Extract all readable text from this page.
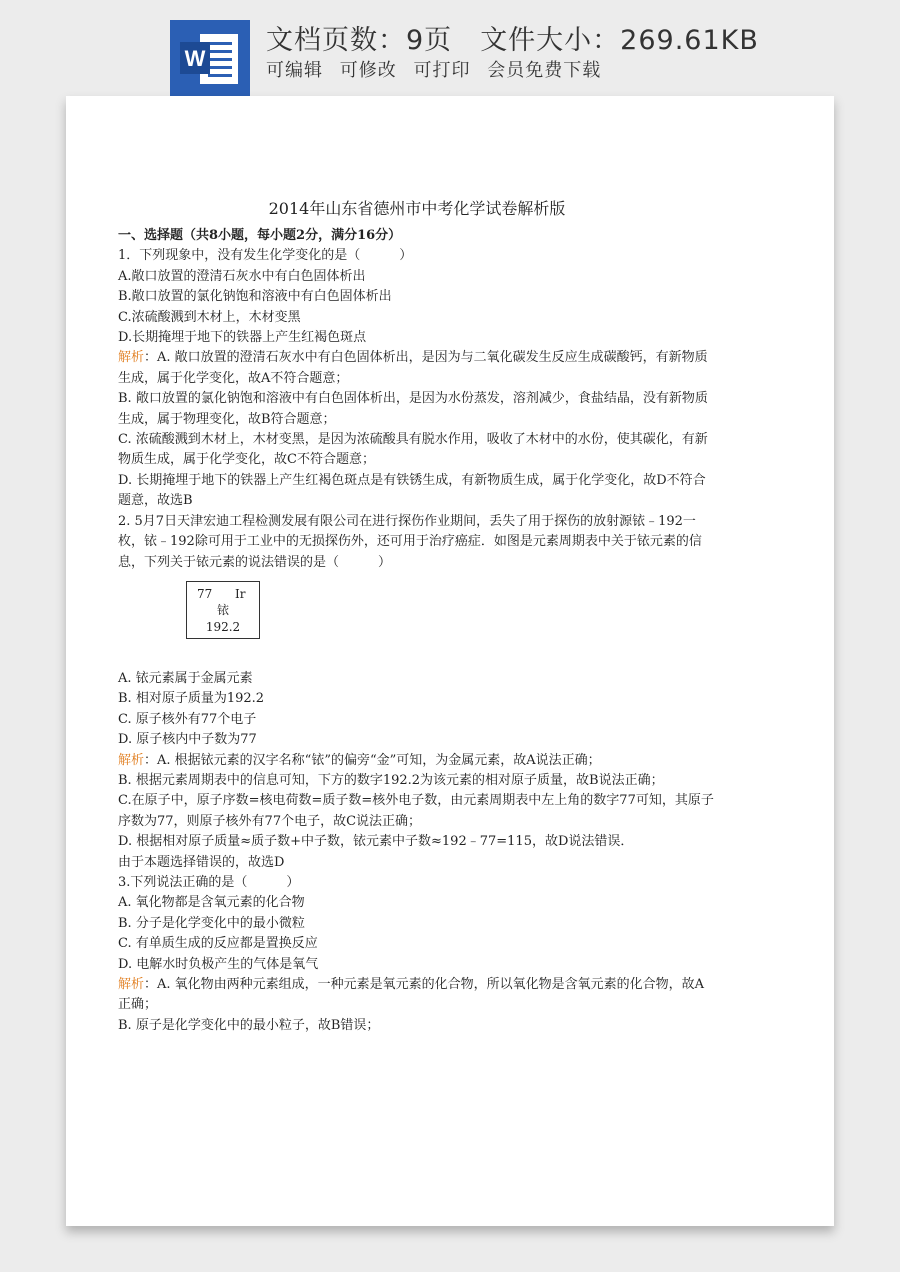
W
文档页数：9页 文件大小：269.61KB
可编辑 可修改 可打印 会员免费下载
2014年山东省德州市中考化学试卷解析版

一、选择题（共8小题，每小题2分，满分16分）

1．下列现象中，没有发生化学变化的是（　　　）

A.敞口放置的澄清石灰水中有白色固体析出

B.敞口放置的氯化钠饱和溶液中有白色固体析出

C.浓硫酸溅到木材上，木材变黑

D.长期掩埋于地下的铁器上产生红褐色斑点

解析：A. 敞口放置的澄清石灰水中有白色固体析出，是因为与二氧化碳发生反应生成碳酸钙，有新物质生成，属于化学变化，故A不符合题意；

B. 敞口放置的氯化钠饱和溶液中有白色固体析出，是因为水份蒸发，溶剂减少，食盐结晶，没有新物质生成，属于物理变化，故B符合题意；

C. 浓硫酸溅到木材上，木材变黑，是因为浓硫酸具有脱水作用，吸收了木材中的水份，使其碳化，有新物质生成，属于化学变化，故C不符合题意；

D. 长期掩埋于地下的铁器上产生红褐色斑点是有铁锈生成，有新物质生成，属于化学变化，故D不符合题意，故选B

2. 5月7日天津宏迪工程检测发展有限公司在进行探伤作业期间，丢失了用于探伤的放射源铱﹣192一枚，铱﹣192除可用于工业中的无损探伤外，还可用于治疗癌症．如图是元素周期表中关于铱元素的信息，下列关于铱元素的说法错误的是（　　　）

77 Ir
铱
192.2

A. 铱元素属于金属元素

B. 相对原子质量为192.2

C. 原子核外有77个电子

D. 原子核内中子数为77

解析：A. 根据铱元素的汉字名称“铱”的偏旁“金”可知，为金属元素，故A说法正确；

B. 根据元素周期表中的信息可知，下方的数字192.2为该元素的相对原子质量，故B说法正确；

C.在原子中，原子序数=核电荷数=质子数=核外电子数，由元素周期表中左上角的数字77可知，其原子序数为77，则原子核外有77个电子，故C说法正确；

D. 根据相对原子质量≈质子数+中子数，铱元素中子数≈192﹣77=115，故D说法错误．

由于本题选择错误的，故选D

3.下列说法正确的是（　　　）

A. 氧化物都是含氧元素的化合物

B. 分子是化学变化中的最小微粒

C. 有单质生成的反应都是置换反应

D. 电解水时负极产生的气体是氧气

解析：A. 氧化物由两种元素组成，一种元素是氧元素的化合物，所以氧化物是含氧元素的化合物，故A正确；

B. 原子是化学变化中的最小粒子，故B错误；
